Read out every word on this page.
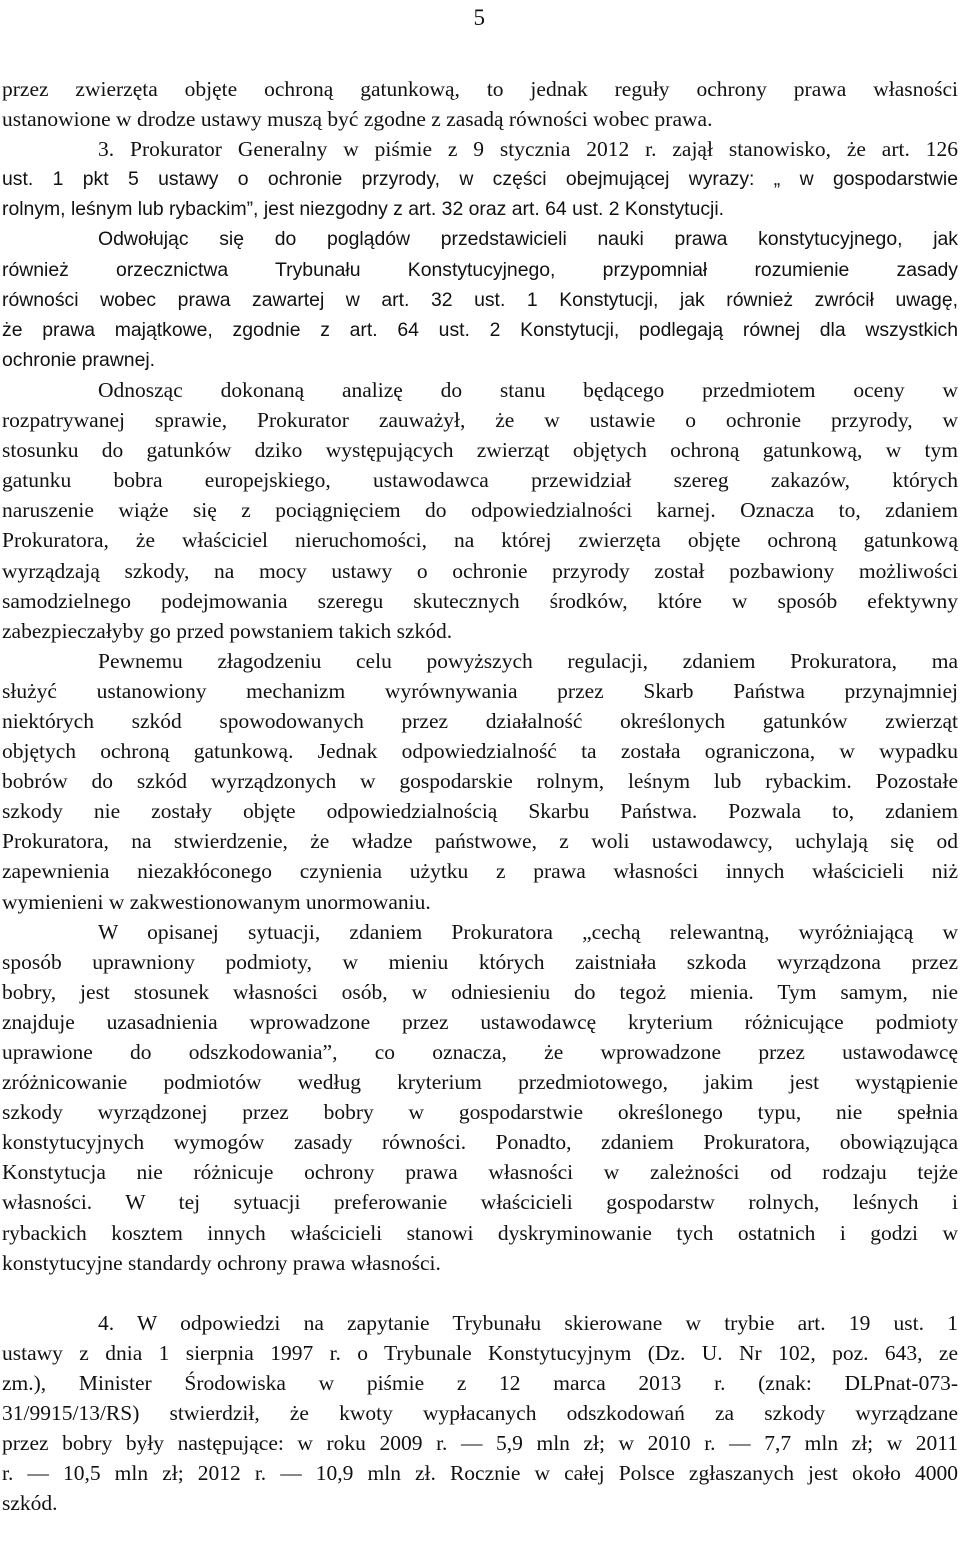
5
przez zwierzęta objęte ochroną gatunkową, to jednak reguły ochrony prawa własności
ustanowione w drodze ustawy muszą być zgodne z zasadą równości wobec prawa.
3. Prokurator Generalny w piśmie z 9 stycznia 2012 r. zajął stanowisko, że art. 126
ust. 1 pkt 5 ustawy o ochronie przyrody, w części obejmującej wyrazy: „ w gospodarstwie
rolnym, leśnym lub rybackim”, jest niezgodny z art. 32 oraz art. 64 ust. 2 Konstytucji.
Odwołując się do poglądów przedstawicieli nauki prawa konstytucyjnego, jak
również orzecznictwa Trybunału Konstytucyjnego, przypomniał rozumienie zasady
równości wobec prawa zawartej w art. 32 ust. 1 Konstytucji, jak również zwrócił uwagę,
że prawa majątkowe, zgodnie z art. 64 ust. 2 Konstytucji, podlegają równej dla wszystkich
ochronie prawnej.
Odnosząc dokonaną analizę do stanu będącego przedmiotem oceny w
rozpatrywanej sprawie, Prokurator zauważył, że w ustawie o ochronie przyrody, w
stosunku do gatunków dziko występujących zwierząt objętych ochroną gatunkową, w tym
gatunku bobra europejskiego, ustawodawca przewidział szereg zakazów, których
naruszenie wiąże się z pociągnięciem do odpowiedzialności karnej. Oznacza to, zdaniem
Prokuratora, że właściciel nieruchomości, na której zwierzęta objęte ochroną gatunkową
wyrządzają szkody, na mocy ustawy o ochronie przyrody został pozbawiony możliwości
samodzielnego podejmowania szeregu skutecznych środków, które w sposób efektywny
zabezpieczałyby go przed powstaniem takich szkód.
Pewnemu złagodzeniu celu powyższych regulacji, zdaniem Prokuratora, ma
służyć ustanowiony mechanizm wyrównywania przez Skarb Państwa przynajmniej
niektórych szkód spowodowanych przez działalność określonych gatunków zwierząt
objętych ochroną gatunkową. Jednak odpowiedzialność ta została ograniczona, w wypadku
bobrów do szkód wyrządzonych w gospodarskie rolnym, leśnym lub rybackim. Pozostałe
szkody nie zostały objęte odpowiedzialnością Skarbu Państwa. Pozwala to, zdaniem
Prokuratora, na stwierdzenie, że władze państwowe, z woli ustawodawcy, uchylają się od
zapewnienia niezakłóconego czynienia użytku z prawa własności innych właścicieli niż
wymienieni w zakwestionowanym unormowaniu.
W opisanej sytuacji, zdaniem Prokuratora „cechą relewantną, wyróżniającą w
sposób uprawniony podmioty, w mieniu których zaistniała szkoda wyrządzona przez
bobry, jest stosunek własności osób, w odniesieniu do tegoż mienia. Tym samym, nie
znajduje uzasadnienia wprowadzone przez ustawodawcę kryterium różnicujące podmioty
uprawione do odszkodowania”, co oznacza, że wprowadzone przez ustawodawcę
zróżnicowanie podmiotów według kryterium przedmiotowego, jakim jest wystąpienie
szkody wyrządzonej przez bobry w gospodarstwie określonego typu, nie spełnia
konstytucyjnych wymogów zasady równości. Ponadto, zdaniem Prokuratora, obowiązująca
Konstytucja nie różnicuje ochrony prawa własności w zależności od rodzaju tejże
własności. W tej sytuacji preferowanie właścicieli gospodarstw rolnych, leśnych i
rybackich kosztem innych właścicieli stanowi dyskryminowanie tych ostatnich i godzi w
konstytucyjne standardy ochrony prawa własności.
4. W odpowiedzi na zapytanie Trybunału skierowane w trybie art. 19 ust. 1
ustawy z dnia 1 sierpnia 1997 r. o Trybunale Konstytucyjnym (Dz. U. Nr 102, poz. 643, ze
zm.), Minister Środowiska w piśmie z 12 marca 2013 r. (znak: DLPnat-073-
31/9915/13/RS) stwierdził, że kwoty wypłacanych odszkodowań za szkody wyrządzane
przez bobry były następujące: w roku 2009 r. — 5,9 mln zł; w 2010 r. — 7,7 mln zł; w 2011
r. — 10,5 mln zł; 2012 r. — 10,9 mln zł. Rocznie w całej Polsce zgłaszanych jest około 4000
szkód.
